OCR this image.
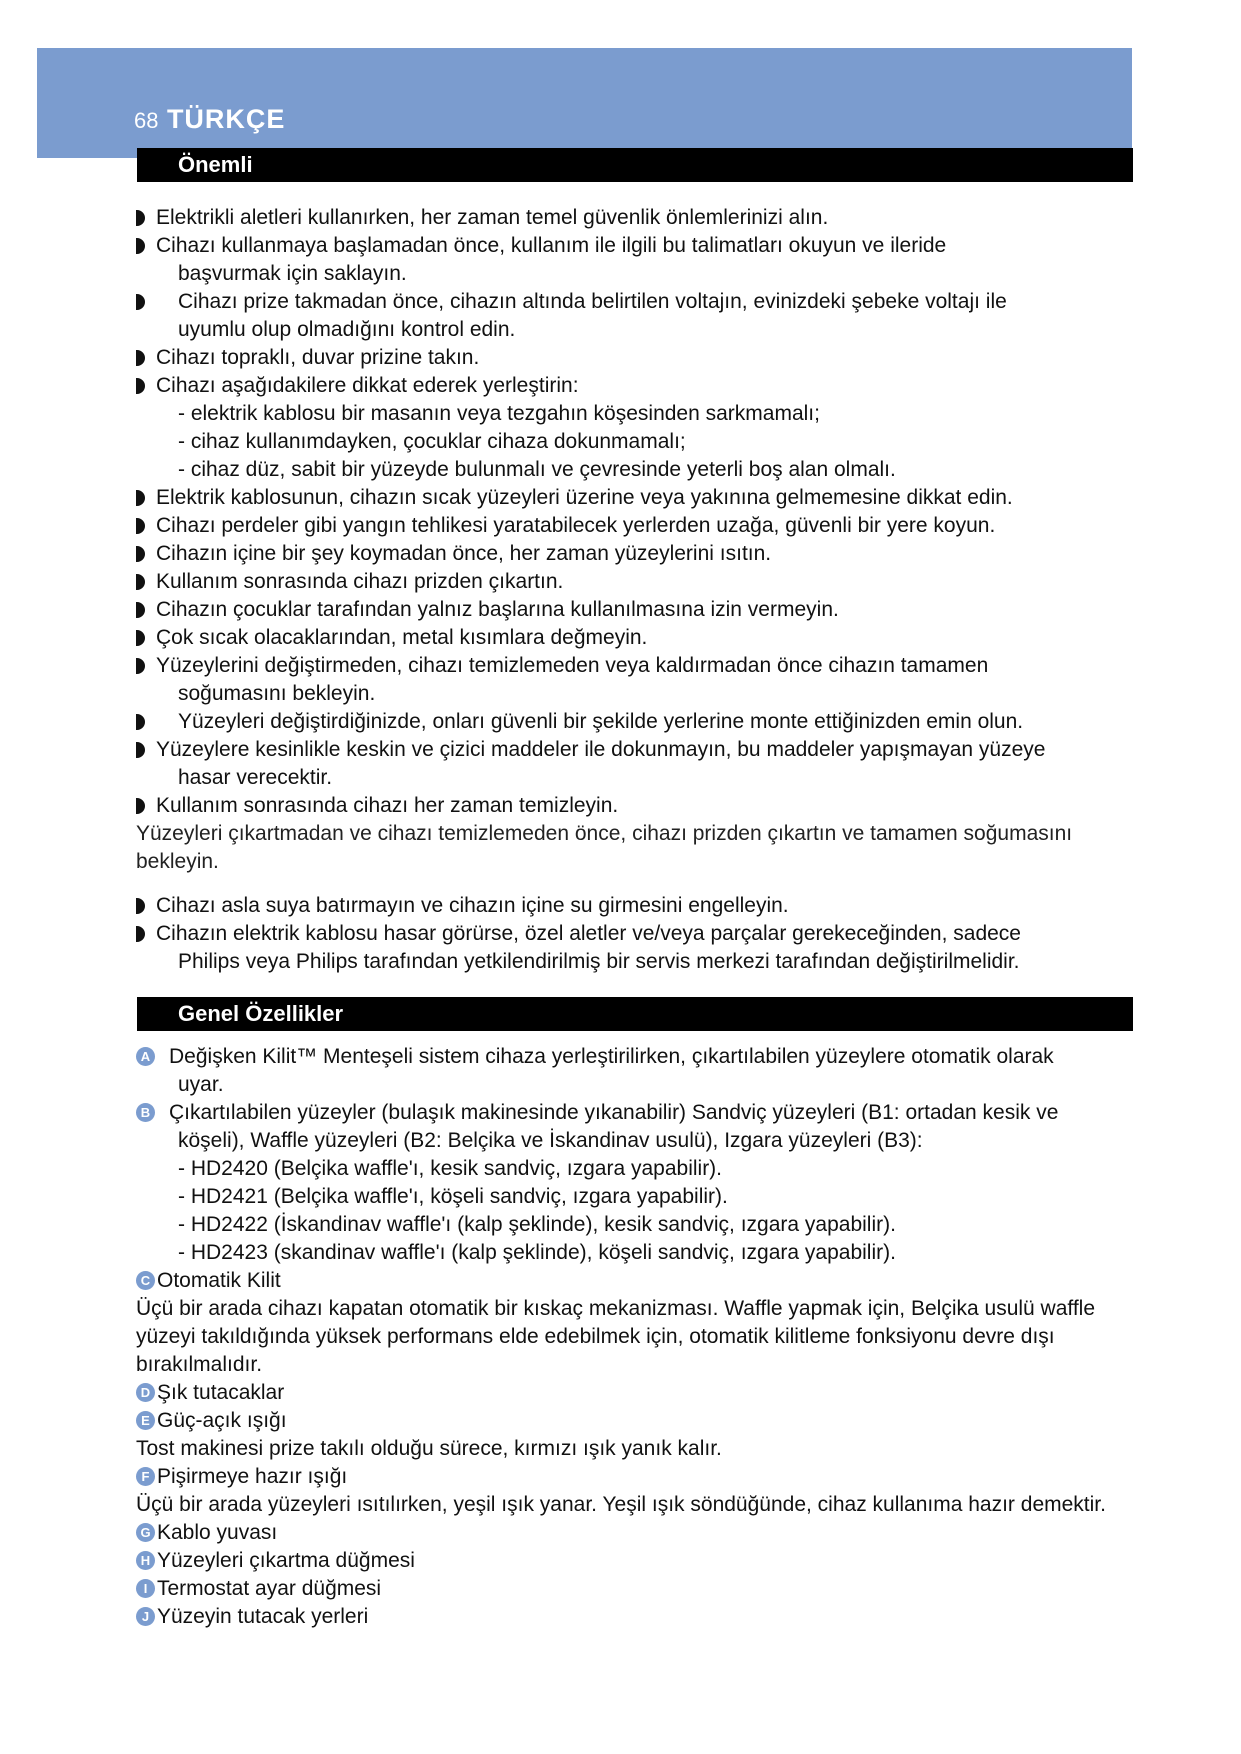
68 TÜRKÇE
Önemli
Elektrikli aletleri kullanırken, her zaman temel güvenlik önlemlerinizi alın.
Cihazı kullanmaya başlamadan önce, kullanım ile ilgili bu talimatları okuyun ve ileride
başvurmak için saklayın.
Cihazı prize takmadan önce, cihazın altında belirtilen voltajın, evinizdeki şebeke voltajı ile
uyumlu olup olmadığını kontrol edin.
Cihazı topraklı, duvar prizine takın.
Cihazı aşağıdakilere dikkat ederek yerleştirin:
- elektrik kablosu bir masanın veya tezgahın köşesinden sarkmamalı;
- cihaz kullanımdayken, çocuklar cihaza dokunmamalı;
- cihaz düz, sabit bir yüzeyde bulunmalı ve çevresinde yeterli boş alan olmalı.
Elektrik kablosunun, cihazın sıcak yüzeyleri üzerine veya yakınına gelmemesine dikkat edin.
Cihazı perdeler gibi yangın tehlikesi yaratabilecek yerlerden uzağa, güvenli bir yere koyun.
Cihazın içine bir şey koymadan önce, her zaman yüzeylerini ısıtın.
Kullanım sonrasında cihazı prizden çıkartın.
Cihazın çocuklar tarafından yalnız başlarına kullanılmasına izin vermeyin.
Çok sıcak olacaklarından, metal kısımlara değmeyin.
Yüzeylerini değiştirmeden, cihazı temizlemeden veya kaldırmadan önce cihazın tamamen
soğumasını bekleyin.
Yüzeyleri değiştirdiğinizde, onları güvenli bir şekilde yerlerine monte ettiğinizden emin olun.
Yüzeylere kesinlikle keskin ve çizici maddeler ile dokunmayın, bu maddeler yapışmayan yüzeye
hasar verecektir.
Kullanım sonrasında cihazı her zaman temizleyin.
Yüzeyleri çıkartmadan ve cihazı temizlemeden önce, cihazı prizden çıkartın ve tamamen soğumasını
bekleyin.
Cihazı asla suya batırmayın ve cihazın içine su girmesini engelleyin.
Cihazın elektrik kablosu hasar görürse, özel aletler ve/veya parçalar gerekeceğinden, sadece
Philips veya Philips tarafından yetkilendirilmiş bir servis merkezi tarafından değiştirilmelidir.
Genel Özellikler
A Değişken Kilit™ Menteşeli sistem cihaza yerleştirilirken, çıkartılabilen yüzeylere otomatik olarak
uyar.
B Çıkartılabilen yüzeyler (bulaşık makinesinde yıkanabilir) Sandviç yüzeyleri (B1: ortadan kesik ve
köşeli), Waffle yüzeyleri (B2: Belçika ve İskandinav usulü), Izgara yüzeyleri (B3):
- HD2420 (Belçika waffle'ı, kesik sandviç, ızgara yapabilir).
- HD2421 (Belçika waffle'ı, köşeli sandviç, ızgara yapabilir).
- HD2422 (İskandinav waffle'ı (kalp şeklinde), kesik sandviç, ızgara yapabilir).
- HD2423 (skandinav waffle'ı (kalp şeklinde), köşeli sandviç, ızgara yapabilir).
C Otomatik Kilit
Üçü bir arada cihazı kapatan otomatik bir kıskaç mekanizması. Waffle yapmak için, Belçika usulü waffle
yüzeyi takıldığında yüksek performans elde edebilmek için, otomatik kilitleme fonksiyonu devre dışı
bırakılmalıdır.
D Şık tutacaklar
E Güç-açık ışığı
Tost makinesi prize takılı olduğu sürece, kırmızı ışık yanık kalır.
F Pişirmeye hazır ışığı
Üçü bir arada yüzeyleri ısıtılırken, yeşil ışık yanar. Yeşil ışık söndüğünde, cihaz kullanıma hazır demektir.
G Kablo yuvası
H Yüzeyleri çıkartma düğmesi
I Termostat ayar düğmesi
J Yüzeyin tutacak yerleri
